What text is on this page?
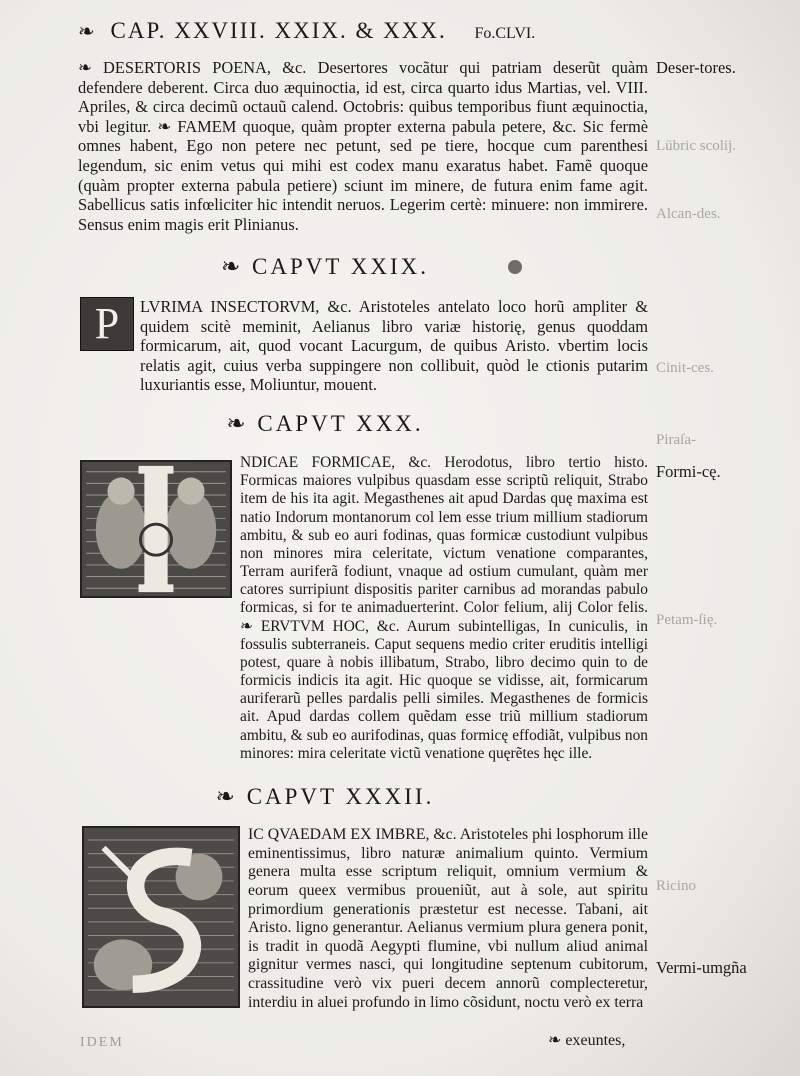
❧ CAP. XXVIII. XXIX. & XXX. Fo.CLVI.
❧ DESERTORIS POENA, &c. Desertores vocãtur qui patriam deserũt quàm defendere deberent. Circa duo æquinoctia, id est, circa quarto idus Martias, vel. VIII. Apriles, & circa decimũ octauũ calend. Octobris: quibus temporibus fiunt æquinoctia, vbi legitur. ❧ FAMEM quoque, quàm propter externa pabula petere, &c. Sic fermè omnes habent, Ego non petere nec petunt, sed pe tiere, hocque cum parenthesi legendum, sic enim vetus qui mihi est codex manu exaratus habet. Famẽ quoque (quàm propter externa pabula petiere) sciunt im minere, de futura enim fame agit. Sabellicus satis infœliciter hic intendit neruos. Legerim certè: minuere: non immirere. Sensus enim magis erit Plinianus.
❧ CAPVT XXIX.
P	LVRIMA INSECTORVM, &c. Aristoteles antelato loco horũ ampliter & quidem scitè meminit, Aelianus libro variæ historię, genus quoddam formicarum, ait, quod vocant Lacurgum, de quibus Aristo. vbertim locis relatis agit, cuius verba suppingere non collibuit, quòd le ctionis putarim luxuriantis esse, Moliuntur, mouent.
❧ CAPVT XXX.
NDICAE FORMICAE, &c. Herodotus, libro tertio histo. Formicas maiores vulpibus quasdam esse scriptũ reliquit, Strabo item de his ita agit. Megasthenes ait apud Dardas quę maxima est natio Indorum montanorum col lem esse trium millium stadiorum ambitu, & sub eo auri fodinas, quas formicæ custodiunt vulpibus non minores mira celeritate, victum venatione comparantes, Terram auriferã fodiunt, vnaque ad ostium cumulant, quàm mer catores surripiunt dispositis pariter carnibus ad morandas pabulo formicas, si for te animaduerterint. Color felium, alij Color felis. ❧ ERVTVM HOC, &c. Aurum subintelligas, In cuniculis, in fossulis subterraneis. Caput sequens medio criter eruditis intelligi potest, quare à nobis illibatum, Strabo, libro decimo quin to de formicis indicis ita agit. Hic quoque se vidisse, ait, formicarum auriferarũ pelles pardalis pelli similes. Megasthenes de formicis ait. Apud dardas collem quẽdam esse triũ millium stadiorum ambitu, & sub eo aurifodinas, quas formicę effodiãt, vulpibus non minores: mira celeritate victũ venatione quęrẽtes hęc ille.
❧ CAPVT XXXII.
IC QVAEDAM EX IMBRE, &c. Aristoteles phi losphorum ille eminentissimus, libro naturæ animalium quinto. Vermium genera multa esse scriptum reliquit, omnium vermium & eorum queex vermibus proueniũt, aut à sole, aut spiritu primordium generationis præstetur est necesse. Tabani, ait Aristo. ligno generantur. Aelianus vermium plura genera ponit, is tradit in quodã Aegypti flumine, vbi nullum aliud animal gignitur vermes nasci, qui longitudine septenum cubitorum, crassitudine verò vix pueri decem annorũ complecteretur, interdiu in aluei profundo in limo cõsidunt, noctu verò ex terra
❧ exeuntes,
Deser-tores.
Lūbric scolij.
Alcan-des.
Cinit-ces.
Piraſa-
Formi-cę.
Petam-ſię.
Ricino
Vermi-umgña
IDEM
